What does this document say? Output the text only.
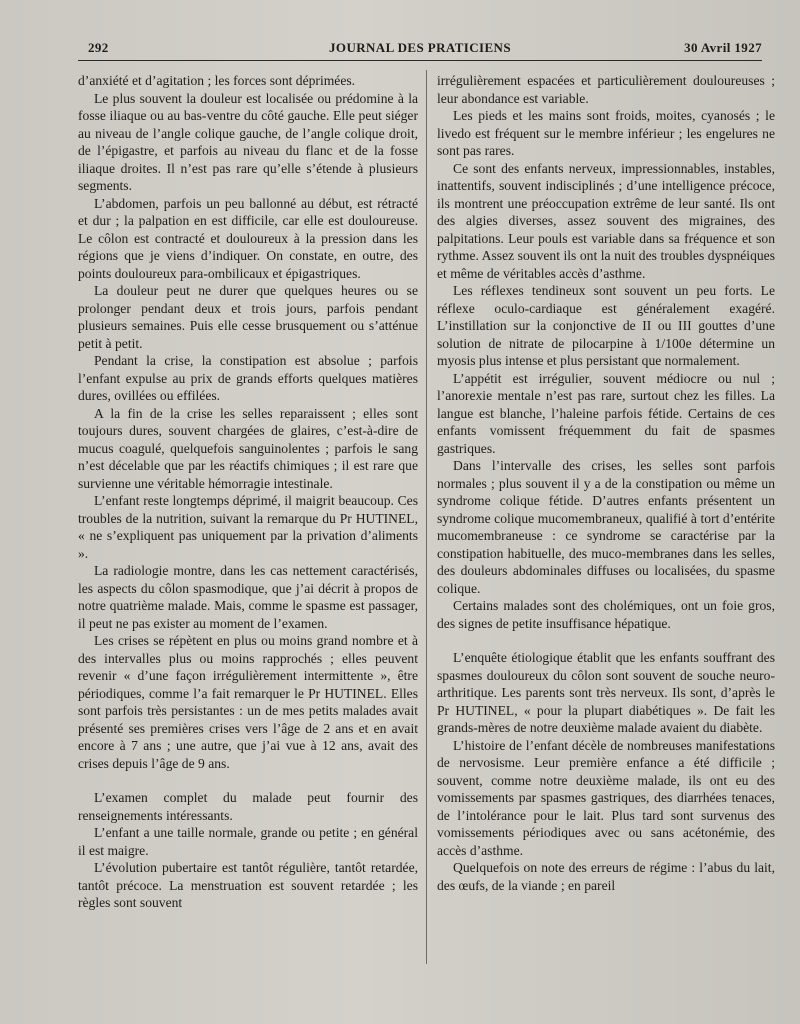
292	JOURNAL DES PRATICIENS	30 Avril 1927

d’anxiété et d’agitation ; les forces sont déprimées.

Le plus souvent la douleur est localisée ou prédomine à la fosse iliaque ou au bas-ventre du côté gauche. Elle peut siéger au niveau de l’angle colique gauche, de l’angle colique droit, de l’épigastre, et parfois au niveau du flanc et de la fosse iliaque droites. Il n’est pas rare qu’elle s’étende à plusieurs segments.

L’abdomen, parfois un peu ballonné au début, est rétracté et dur ; la palpation en est difficile, car elle est douloureuse. Le côlon est contracté et douloureux à la pression dans les régions que je viens d’indiquer. On constate, en outre, des points douloureux para-ombilicaux et épigastriques.

La douleur peut ne durer que quelques heures ou se prolonger pendant deux et trois jours, parfois pendant plusieurs semaines. Puis elle cesse brusquement ou s’atténue petit à petit.

Pendant la crise, la constipation est absolue ; parfois l’enfant expulse au prix de grands efforts quelques matières dures, ovillées ou effilées.

A la fin de la crise les selles reparaissent ; elles sont toujours dures, souvent chargées de glaires, c’est-à-dire de mucus coagulé, quelquefois sanguinolentes ; parfois le sang n’est décelable que par les réactifs chimiques ; il est rare que survienne une véritable hémorragie intestinale.

L’enfant reste longtemps déprimé, il maigrit beaucoup. Ces troubles de la nutrition, suivant la remarque du Pr HUTINEL, « ne s’expliquent pas uniquement par la privation d’aliments ».

La radiologie montre, dans les cas nettement caractérisés, les aspects du côlon spasmodique, que j’ai décrit à propos de notre quatrième malade. Mais, comme le spasme est passager, il peut ne pas exister au moment de l’examen.

Les crises se répètent en plus ou moins grand nombre et à des intervalles plus ou moins rapprochés ; elles peuvent revenir « d’une façon irrégulièrement intermittente », être périodiques, comme l’a fait remarquer le Pr HUTINEL. Elles sont parfois très persistantes : un de mes petits malades avait présenté ses premières crises vers l’âge de 2 ans et en avait encore à 7 ans ; une autre, que j’ai vue à 12 ans, avait des crises depuis l’âge de 9 ans.

L’examen complet du malade peut fournir des renseignements intéressants.

L’enfant a une taille normale, grande ou petite ; en général il est maigre.

L’évolution pubertaire est tantôt régulière, tantôt retardée, tantôt précoce. La menstruation est souvent retardée ; les règles sont souvent

irrégulièrement espacées et particulièrement douloureuses ; leur abondance est variable.

Les pieds et les mains sont froids, moites, cyanosés ; le livedo est fréquent sur le membre inférieur ; les engelures ne sont pas rares.

Ce sont des enfants nerveux, impressionnables, instables, inattentifs, souvent indisciplinés ; d’une intelligence précoce, ils montrent une préoccupation extrême de leur santé. Ils ont des algies diverses, assez souvent des migraines, des palpitations. Leur pouls est variable dans sa fréquence et son rythme. Assez souvent ils ont la nuit des troubles dyspnéiques et même de véritables accès d’asthme.

Les réflexes tendineux sont souvent un peu forts. Le réflexe oculo-cardiaque est généralement exagéré. L’instillation sur la conjonctive de II ou III gouttes d’une solution de nitrate de pilocarpine à 1/100e détermine un myosis plus intense et plus persistant que normalement.

L’appétit est irrégulier, souvent médiocre ou nul ; l’anorexie mentale n’est pas rare, surtout chez les filles. La langue est blanche, l’haleine parfois fétide. Certains de ces enfants vomissent fréquemment du fait de spasmes gastriques.

Dans l’intervalle des crises, les selles sont parfois normales ; plus souvent il y a de la constipation ou même un syndrome colique fétide. D’autres enfants présentent un syndrome colique mucomembraneux, qualifié à tort d’entérite mucomembraneuse : ce syndrome se caractérise par la constipation habituelle, des muco-membranes dans les selles, des douleurs abdominales diffuses ou localisées, du spasme colique.

Certains malades sont des cholémiques, ont un foie gros, des signes de petite insuffisance hépatique.

L’enquête étiologique établit que les enfants souffrant des spasmes douloureux du côlon sont souvent de souche neuro-arthritique. Les parents sont très nerveux. Ils sont, d’après le Pr HUTINEL, « pour la plupart diabétiques ». De fait les grands-mères de notre deuxième malade avaient du diabète.

L’histoire de l’enfant décèle de nombreuses manifestations de nervosisme. Leur première enfance a été difficile ; souvent, comme notre deuxième malade, ils ont eu des vomissements par spasmes gastriques, des diarrhées tenaces, de l’intolérance pour le lait. Plus tard sont survenus des vomissements périodiques avec ou sans acétonémie, des accès d’asthme.

Quelquefois on note des erreurs de régime : l’abus du lait, des œufs, de la viande ; en pareil
